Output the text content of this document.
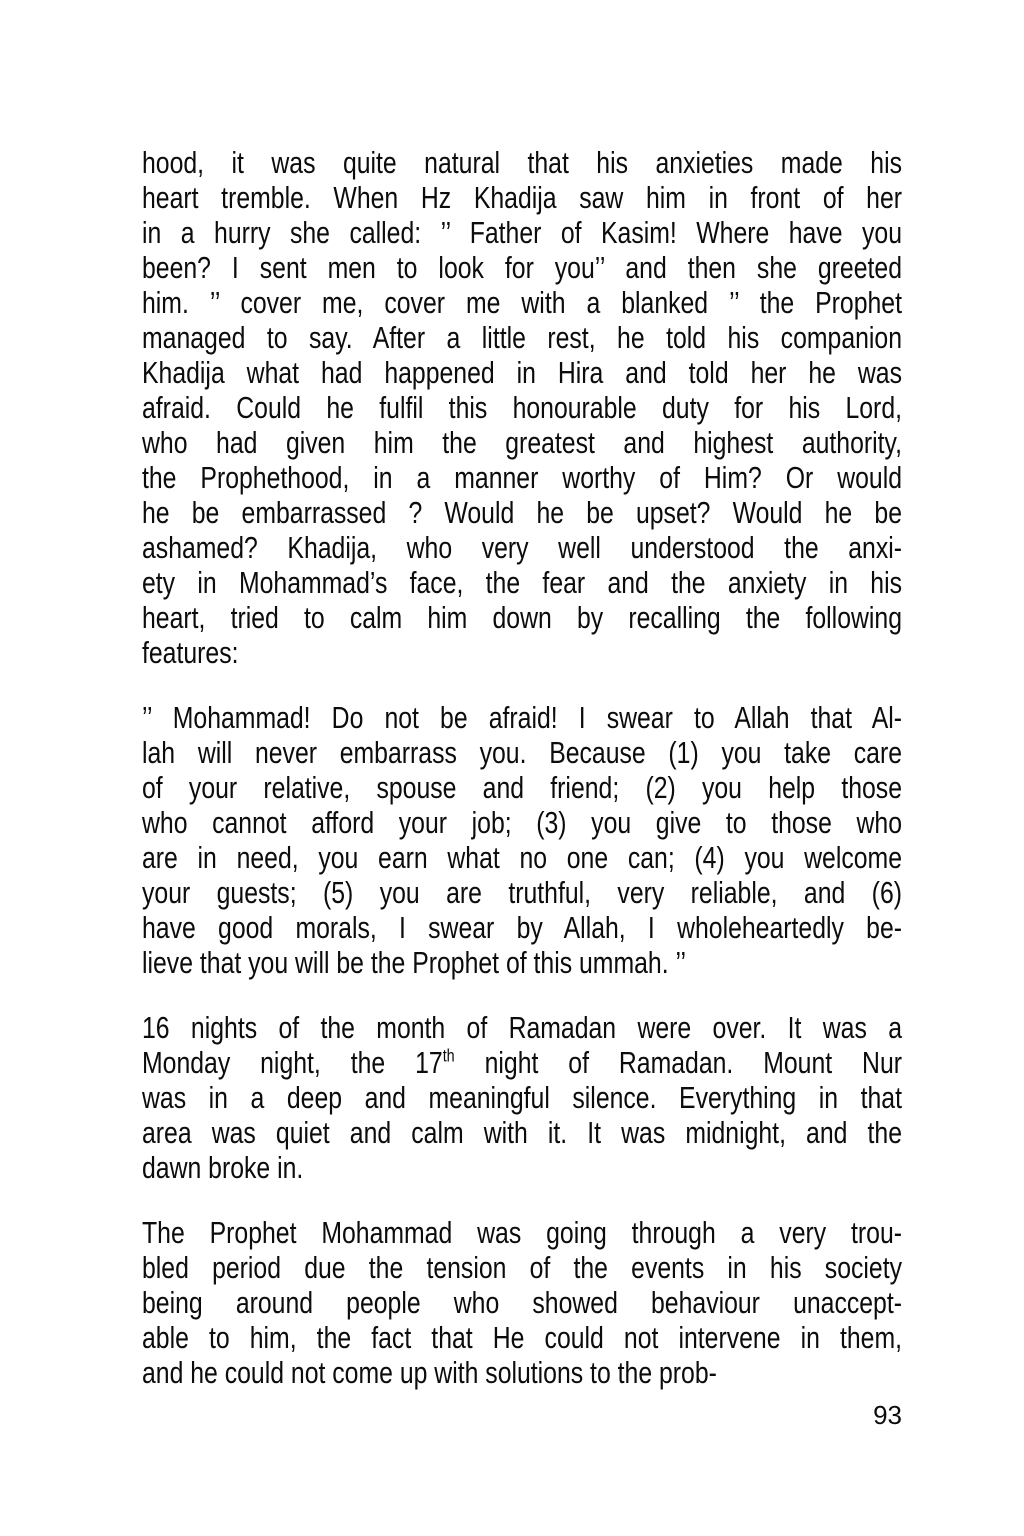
hood, it was quite natural that his anxieties made his
heart tremble. When Hz Khadija saw him in front of her
in a hurry she called: ’’ Father of Kasim! Where have you
been? I sent men to look for you’’ and then she greeted
him. ’’ cover me, cover me with a blanked ’’ the Prophet
managed to say. After a little rest, he told his companion
Khadija what had happened in Hira and told her he was
afraid. Could he fulfil this honourable duty for his Lord,
who had given him the greatest and highest authority,
the Prophethood, in a manner worthy of Him? Or would
he be embarrassed ? Would he be upset? Would he be
ashamed? Khadija, who very well understood the anxi-
ety in Mohammad’s face, the fear and the anxiety in his
heart, tried to calm him down by recalling the following
features:
’’ Mohammad! Do not be afraid! I swear to Allah that Al-
lah will never embarrass you. Because (1) you take care
of your relative, spouse and friend; (2) you help those
who cannot afford your job; (3) you give to those who
are in need, you earn what no one can; (4) you welcome
your guests; (5) you are truthful, very reliable, and (6)
have good morals, I swear by Allah, I wholeheartedly be-
lieve that you will be the Prophet of this ummah. ’’
16 nights of the month of Ramadan were over. It was a
Monday night, the 17th night of Ramadan. Mount Nur
was in a deep and meaningful silence. Everything in that
area was quiet and calm with it. It was midnight, and the
dawn broke in.
The Prophet Mohammad was going through a very trou-
bled period due the tension of the events in his society
being around people who showed behaviour unaccept-
able to him, the fact that He could not intervene in them,
and he could not come up with solutions to the prob-
93
